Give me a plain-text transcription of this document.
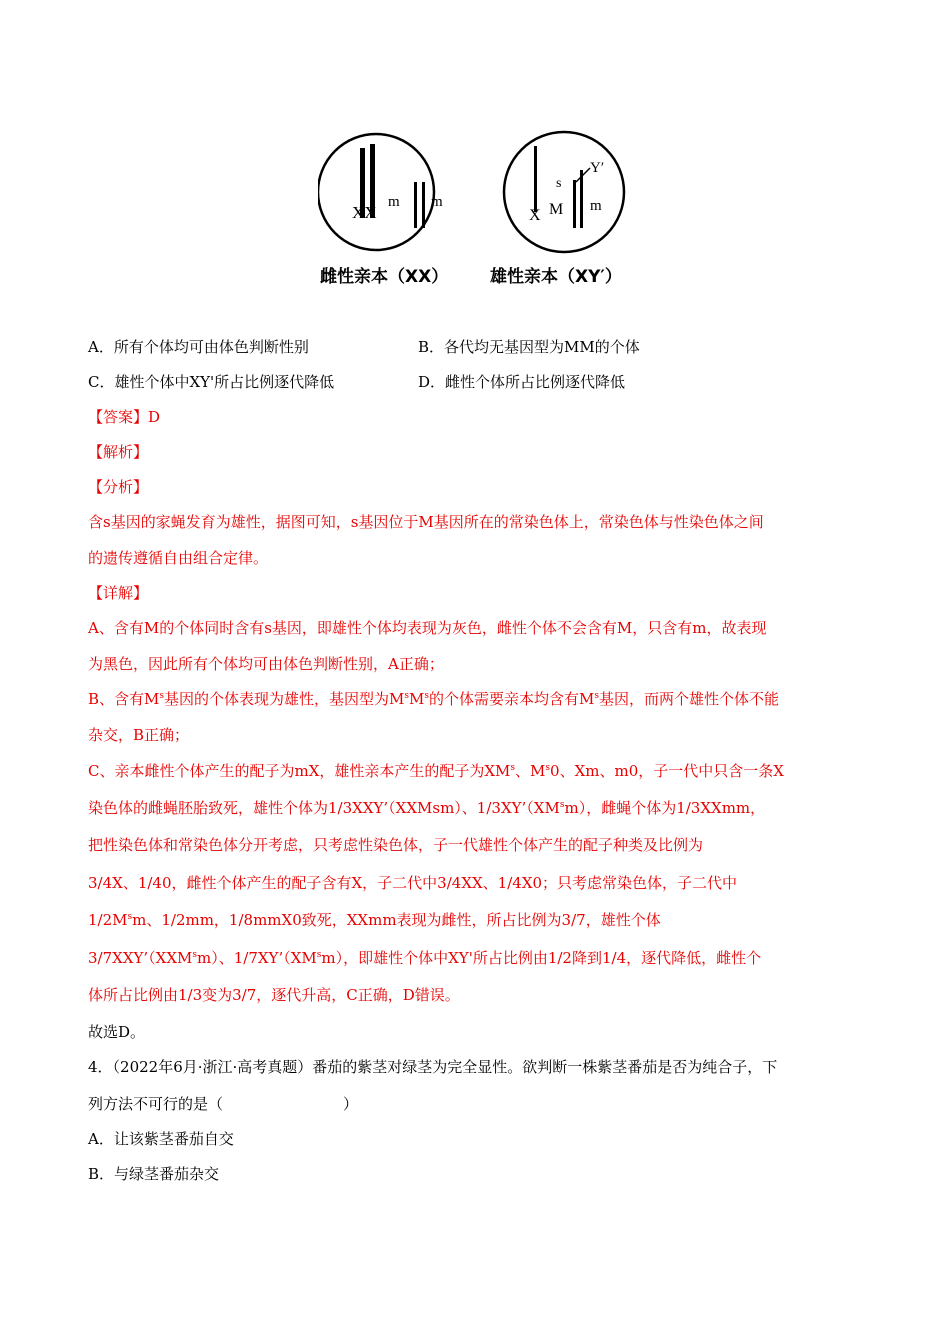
XX
m m
X
s
M
Y′
m
雌性亲本（XX） 雄性亲本（XY′）
A．所有个体均可由体色判断性别	B．各代均无基因型为MM的个体
C．雄性个体中XY'所占比例逐代降低	D．雌性个体所占比例逐代降低
【答案】D
【解析】
【分析】
含s基因的家蝇发育为雄性，据图可知，s基因位于M基因所在的常染色体上，常染色体与性染色体之间
的遗传遵循自由组合定律。
【详解】
A、含有M的个体同时含有s基因，即雄性个体均表现为灰色，雌性个体不会含有M，只含有m，故表现
为黑色，因此所有个体均可由体色判断性别，A正确；
B、含有$M^s$基因的个体表现为雄性，基因型为$M^sM^s$的个体需要亲本均含有$M^s$基因，而两个雄性个体不能
杂交，B正确；
C、亲本雌性个体产生的配子为mX，雄性亲本产生的配子为$XM^s$、$M^s0$、Xm、m0，子一代中只含一条X
染色体的雌蝇胚胎致死，雄性个体为1/3XXY’（XXMsm）、$1/3XY’(XM^sm)$，雌蝇个体为1/3XXmm，
把性染色体和常染色体分开考虑，只考虑性染色体，子一代雄性个体产生的配子种类及比例为
3/4X、1/40，雌性个体产生的配子含有X，子二代中3/4XX、1/4X0；只考虑常染色体，子二代中
$1/2M^sm$、1/2mm，1/8mmX0致死，XXmm表现为雌性，所占比例为3/7，雄性个体
3/7XXY’（XXM$^s$m）、$1/7XY’(XM^sm)$，即雄性个体中XY'所占比例由1/2降到1/4，逐代降低，雌性个
体所占比例由1/3变为3/7，逐代升高，C正确，D错误。
故选D。
4．（2022年6月·浙江·高考真题）番茄的紫茎对绿茎为完全显性。欲判断一株紫茎番茄是否为纯合子，下
列方法不可行的是（	）
A．让该紫茎番茄自交
B．与绿茎番茄杂交
